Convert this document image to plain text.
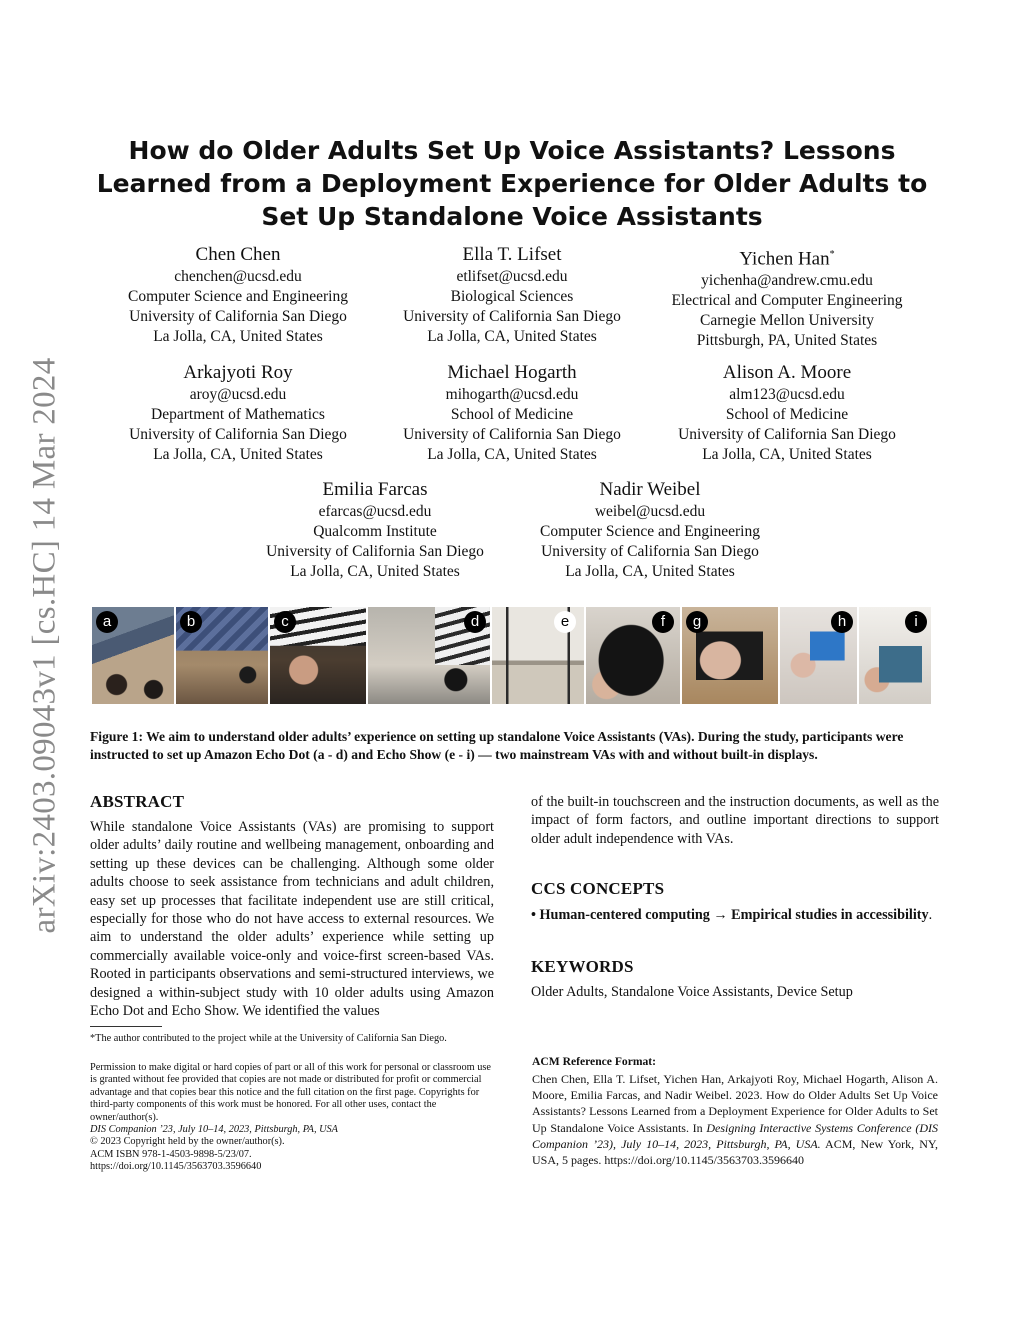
arXiv:2403.09043v1 [cs.HC] 14 Mar 2024
How do Older Adults Set Up Voice Assistants? Lessons Learned from a Deployment Experience for Older Adults to Set Up Standalone Voice Assistants
Chen Chen
chenchen@ucsd.edu
Computer Science and Engineering
University of California San Diego
La Jolla, CA, United States
Ella T. Lifset
etlifset@ucsd.edu
Biological Sciences
University of California San Diego
La Jolla, CA, United States
Yichen Han*
yichenha@andrew.cmu.edu
Electrical and Computer Engineering
Carnegie Mellon University
Pittsburgh, PA, United States
Arkajyoti Roy
aroy@ucsd.edu
Department of Mathematics
University of California San Diego
La Jolla, CA, United States
Michael Hogarth
mihogarth@ucsd.edu
School of Medicine
University of California San Diego
La Jolla, CA, United States
Alison A. Moore
alm123@ucsd.edu
School of Medicine
University of California San Diego
La Jolla, CA, United States
Emilia Farcas
efarcas@ucsd.edu
Qualcomm Institute
University of California San Diego
La Jolla, CA, United States
Nadir Weibel
weibel@ucsd.edu
Computer Science and Engineering
University of California San Diego
La Jolla, CA, United States
a	b	c	d	e	f	g	h	i

Figure 1: We aim to understand older adults’ experience on setting up standalone Voice Assistants (VAs). During the study, participants were instructed to set up Amazon Echo Dot (a - d) and Echo Show (e - i) — two mainstream VAs with and without built-in displays.

ABSTRACT

While standalone Voice Assistants (VAs) are promising to support older adults’ daily routine and wellbeing management, onboarding and setting up these devices can be challenging. Although some older adults choose to seek assistance from technicians and adult children, easy set up processes that facilitate independent use are still critical, especially for those who do not have access to external resources. We aim to understand the older adults’ experience while setting up commercially available voice-only and voice-first screen-based VAs. Rooted in participants observations and semi-structured interviews, we designed a within-subject study with 10 older adults using Amazon Echo Dot and Echo Show. We identified the values

*The author contributed to the project while at the University of California San Diego.

Permission to make digital or hard copies of part or all of this work for personal or classroom use is granted without fee provided that copies are not made or distributed for profit or commercial advantage and that copies bear this notice and the full citation on the first page. Copyrights for third-party components of this work must be honored. For all other uses, contact the owner/author(s).
DIS Companion ’23, July 10–14, 2023, Pittsburgh, PA, USA
© 2023 Copyright held by the owner/author(s).
ACM ISBN 978-1-4503-9898-5/23/07.
https://doi.org/10.1145/3563703.3596640

of the built-in touchscreen and the instruction documents, as well as the impact of form factors, and outline important directions to support older adult independence with VAs.

CCS CONCEPTS

• Human-centered computing → Empirical studies in accessibility.

KEYWORDS

Older Adults, Standalone Voice Assistants, Device Setup

ACM Reference Format:

Chen Chen, Ella T. Lifset, Yichen Han, Arkajyoti Roy, Michael Hogarth, Alison A. Moore, Emilia Farcas, and Nadir Weibel. 2023. How do Older Adults Set Up Voice Assistants? Lessons Learned from a Deployment Experience for Older Adults to Set Up Standalone Voice Assistants. In Designing Interactive Systems Conference (DIS Companion ’23), July 10–14, 2023, Pittsburgh, PA, USA. ACM, New York, NY, USA, 5 pages. https://doi.org/10.1145/3563703.3596640
